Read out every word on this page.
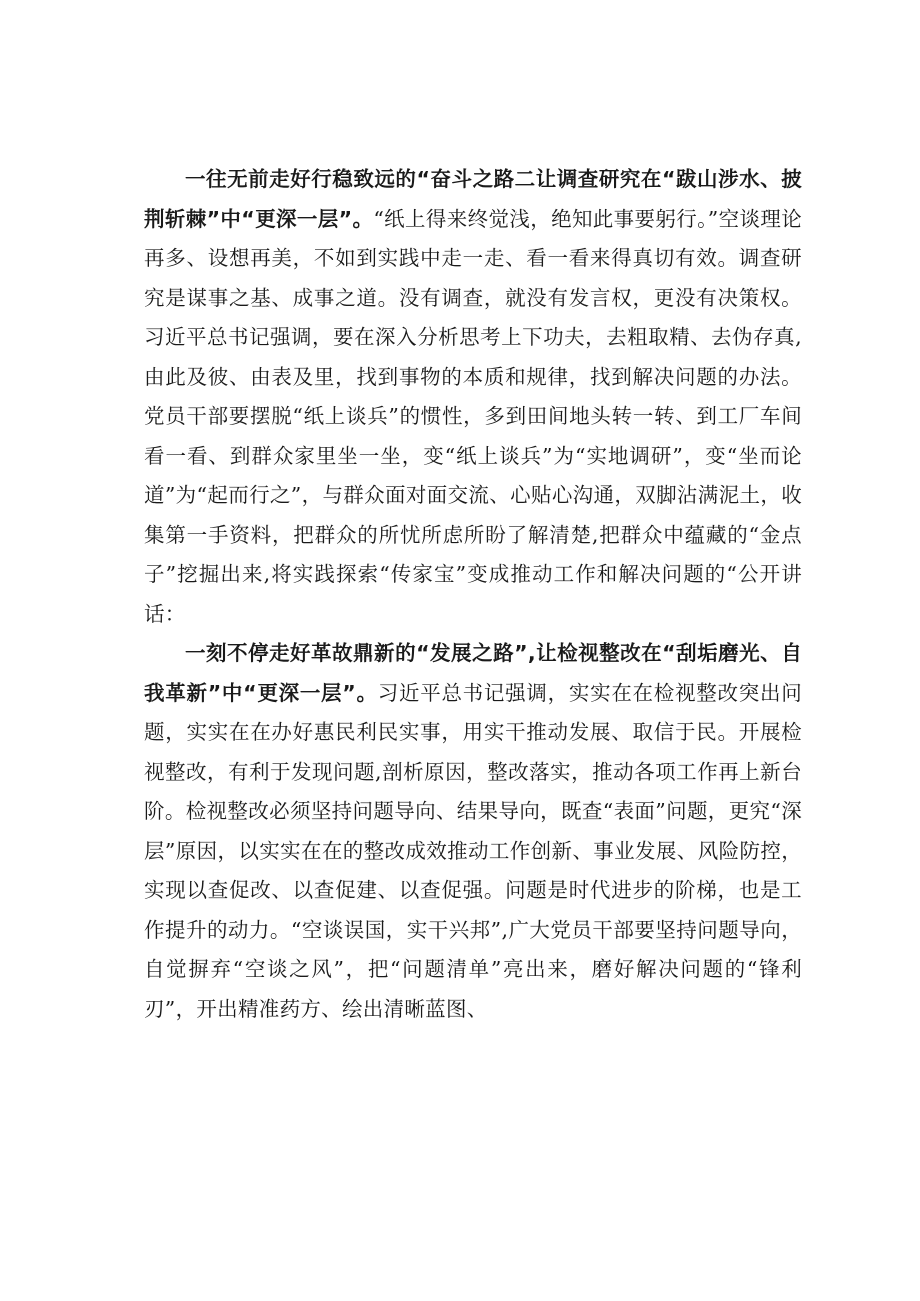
一往无前走好行稳致远的“奋斗之路二让调查研究在“跋山涉水、披荆斩棘”中“更深一层”。“纸上得来终觉浅，绝知此事要躬行。”空谈理论再多、设想再美，不如到实践中走一走、看一看来得真切有效。调查研究是谋事之基、成事之道。没有调查，就没有发言权，更没有决策权。习近平总书记强调，要在深入分析思考上下功夫，去粗取精、去伪存真,由此及彼、由表及里，找到事物的本质和规律，找到解决问题的办法。党员干部要摆脱“纸上谈兵”的惯性，多到田间地头转一转、到工厂车间看一看、到群众家里坐一坐，变“纸上谈兵”为“实地调研”，变“坐而论道”为“起而行之”，与群众面对面交流、心贴心沟通，双脚沾满泥土，收集第一手资料，把群众的所忧所虑所盼了解清楚,把群众中蕴藏的“金点子”挖掘出来,将实践探索“传家宝”变成推动工作和解决问题的“公开讲话：

一刻不停走好革故鼎新的“发展之路”,让检视整改在“刮垢磨光、自我革新”中“更深一层”。习近平总书记强调，实实在在检视整改突出问题，实实在在办好惠民利民实事，用实干推动发展、取信于民。开展检视整改，有利于发现问题,剖析原因，整改落实，推动各项工作再上新台阶。检视整改必须坚持问题导向、结果导向，既查“表面”问题，更究“深层”原因，以实实在在的整改成效推动工作创新、事业发展、风险防控，实现以查促改、以查促建、以查促强。问题是时代进步的阶梯，也是工作提升的动力。“空谈误国，实干兴邦”,广大党员干部要坚持问题导向，自觉摒弃“空谈之风”，把“问题清单”亮出来，磨好解决问题的“锋利刃”，开出精准药方、绘出清晰蓝图、
